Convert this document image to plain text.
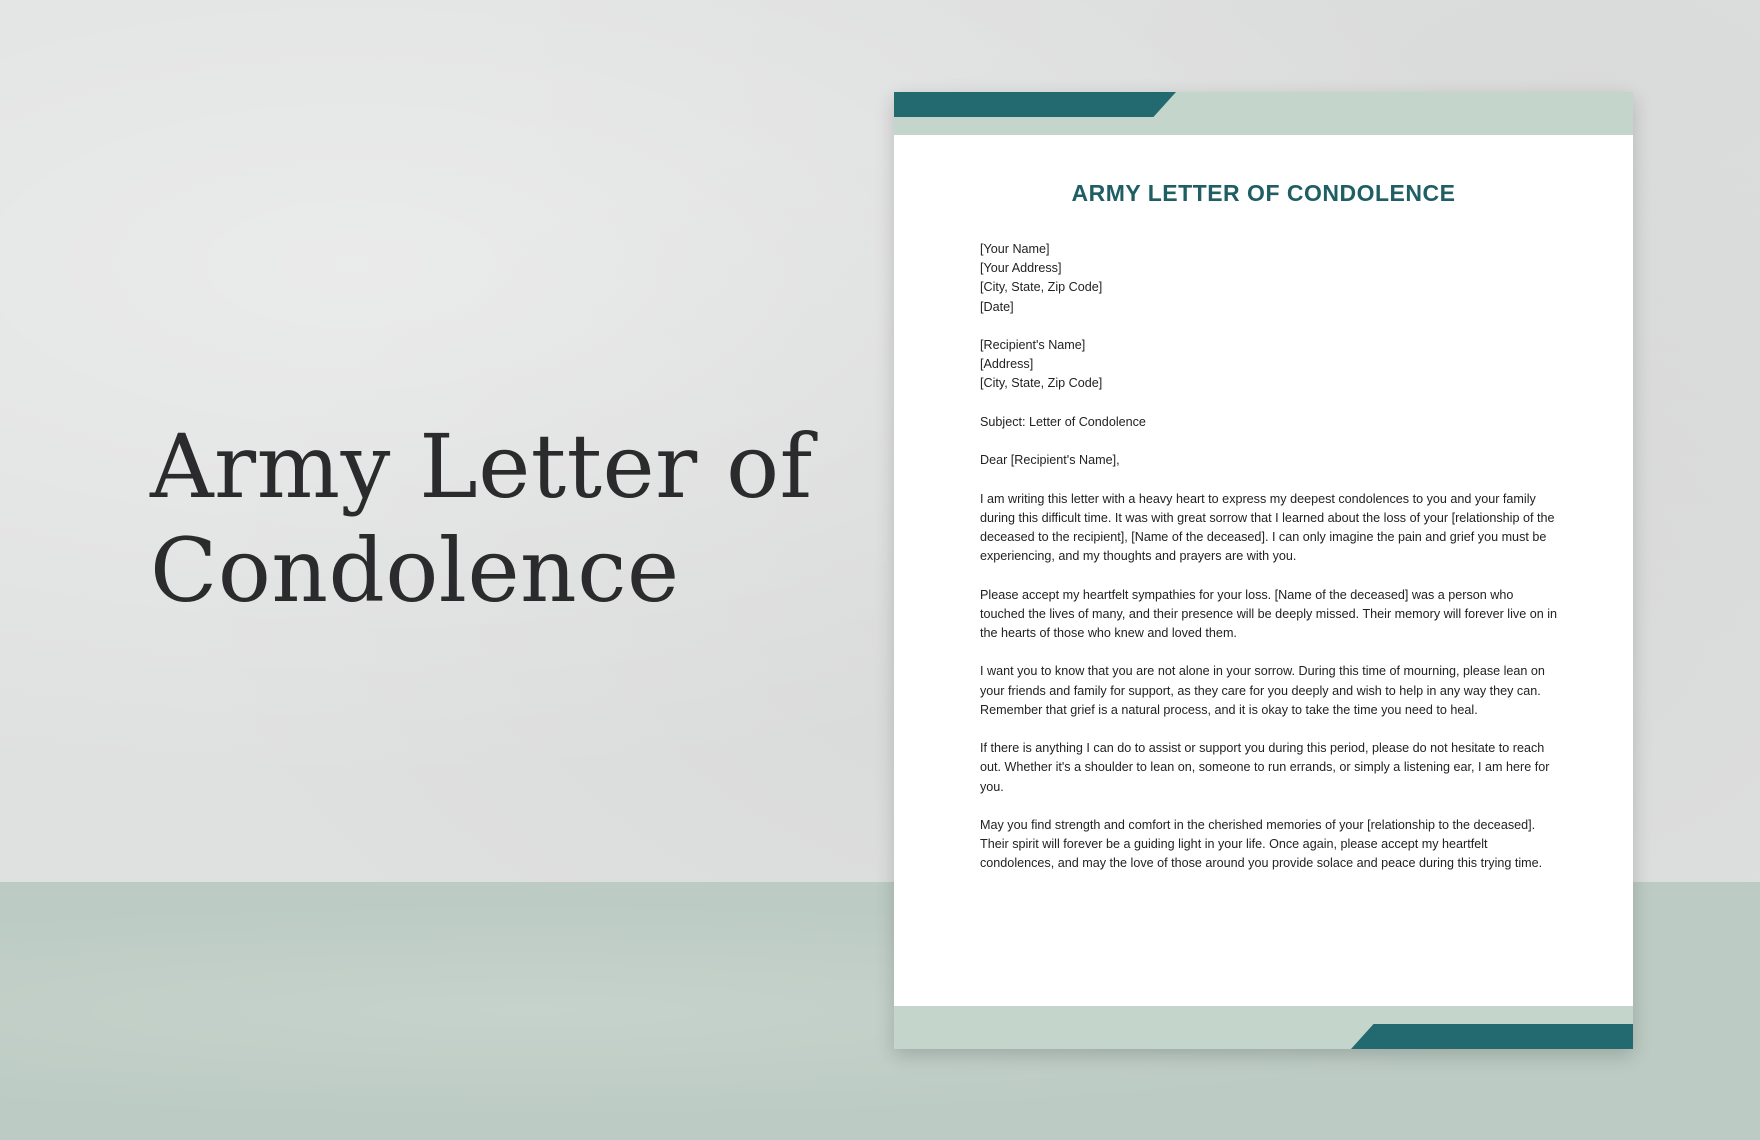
Army Letter of
Condolence
ARMY LETTER OF CONDOLENCE

[Your Name]
[Your Address]
[City, State, Zip Code]
[Date]

[Recipient's Name]
[Address]
[City, State, Zip Code]

Subject: Letter of Condolence

Dear [Recipient's Name],

I am writing this letter with a heavy heart to express my deepest condolences to you and your family during this difficult time. It was with great sorrow that I learned about the loss of your [relationship of the deceased to the recipient], [Name of the deceased]. I can only imagine the pain and grief you must be experiencing, and my thoughts and prayers are with you.

Please accept my heartfelt sympathies for your loss. [Name of the deceased] was a person who touched the lives of many, and their presence will be deeply missed. Their memory will forever live on in the hearts of those who knew and loved them.

I want you to know that you are not alone in your sorrow. During this time of mourning, please lean on your friends and family for support, as they care for you deeply and wish to help in any way they can. Remember that grief is a natural process, and it is okay to take the time you need to heal.

If there is anything I can do to assist or support you during this period, please do not hesitate to reach out. Whether it's a shoulder to lean on, someone to run errands, or simply a listening ear, I am here for you.

May you find strength and comfort in the cherished memories of your [relationship to the deceased]. Their spirit will forever be a guiding light in your life. Once again, please accept my heartfelt condolences, and may the love of those around you provide solace and peace during this trying time.
